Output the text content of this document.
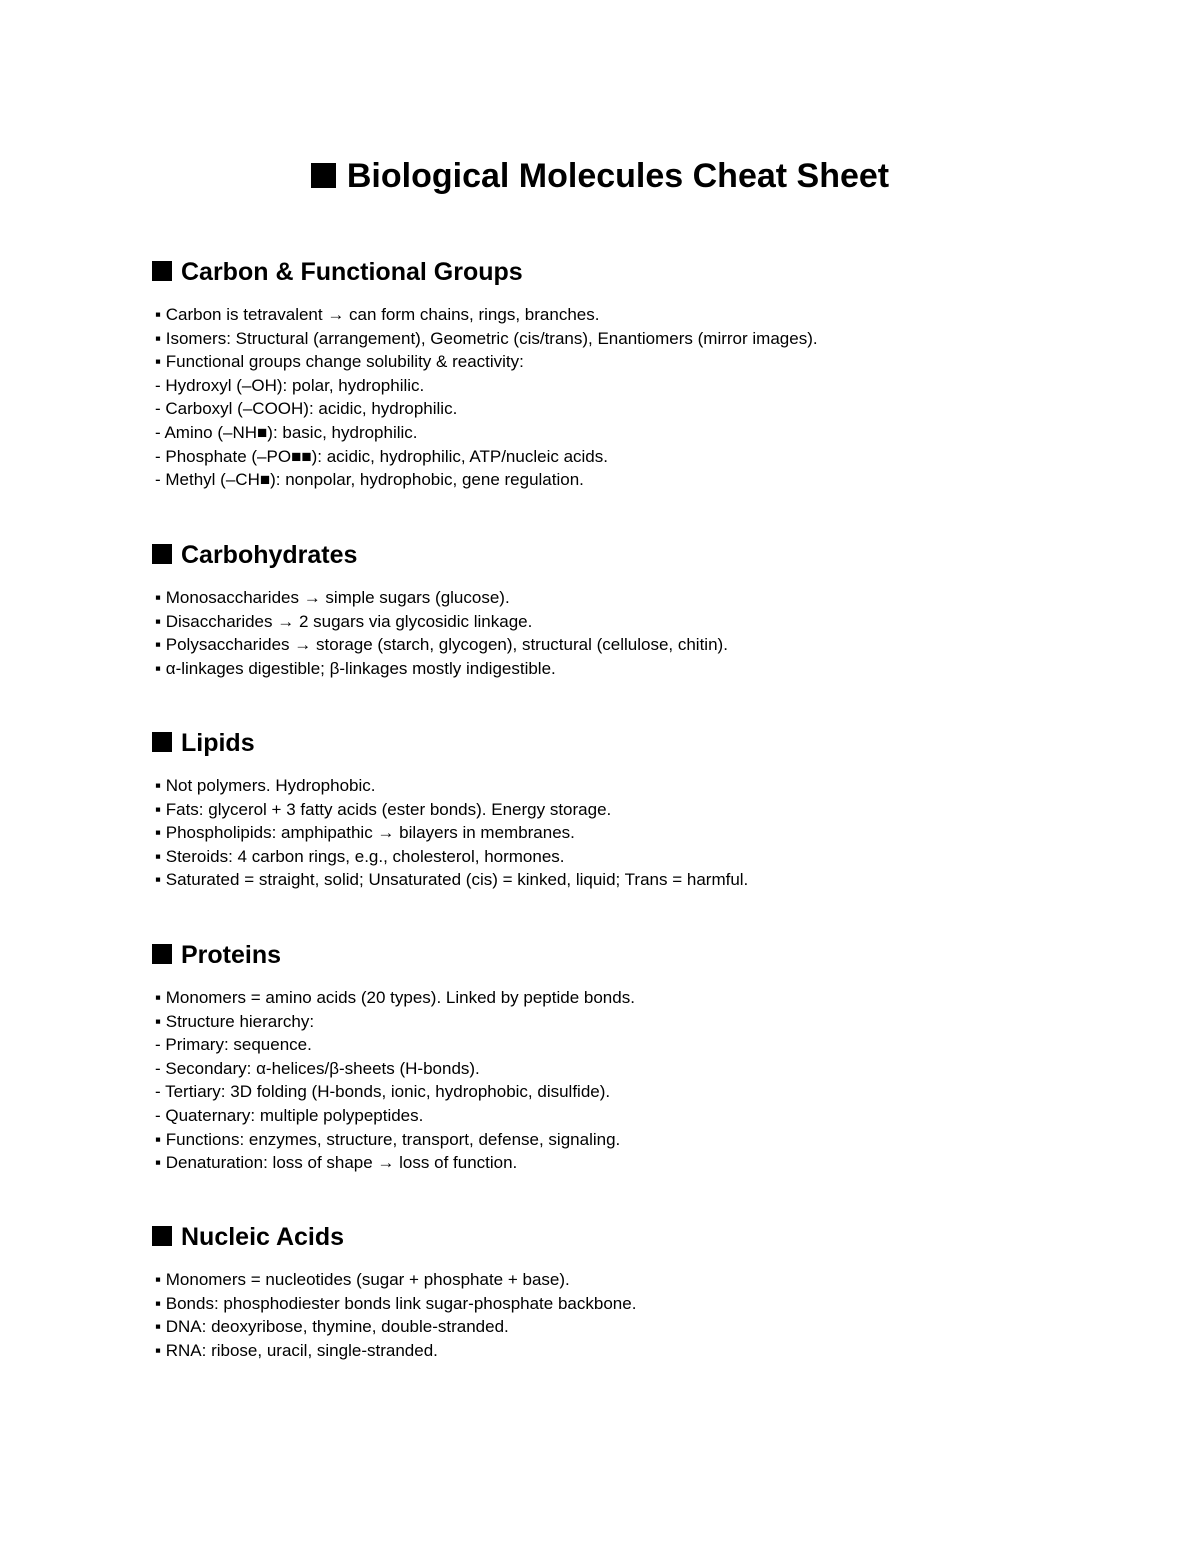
Biological Molecules Cheat Sheet
Carbon & Functional Groups
▪ Carbon is tetravalent → can form chains, rings, branches.
▪ Isomers: Structural (arrangement), Geometric (cis/trans), Enantiomers (mirror images).
▪ Functional groups change solubility & reactivity:
- Hydroxyl (–OH): polar, hydrophilic.
- Carboxyl (–COOH): acidic, hydrophilic.
- Amino (–NH■): basic, hydrophilic.
- Phosphate (–PO■■): acidic, hydrophilic, ATP/nucleic acids.
- Methyl (–CH■): nonpolar, hydrophobic, gene regulation.
Carbohydrates
▪ Monosaccharides → simple sugars (glucose).
▪ Disaccharides → 2 sugars via glycosidic linkage.
▪ Polysaccharides → storage (starch, glycogen), structural (cellulose, chitin).
▪ α-linkages digestible; β-linkages mostly indigestible.
Lipids
▪ Not polymers. Hydrophobic.
▪ Fats: glycerol + 3 fatty acids (ester bonds). Energy storage.
▪ Phospholipids: amphipathic → bilayers in membranes.
▪ Steroids: 4 carbon rings, e.g., cholesterol, hormones.
▪ Saturated = straight, solid; Unsaturated (cis) = kinked, liquid; Trans = harmful.
Proteins
▪ Monomers = amino acids (20 types). Linked by peptide bonds.
▪ Structure hierarchy:
- Primary: sequence.
- Secondary: α-helices/β-sheets (H-bonds).
- Tertiary: 3D folding (H-bonds, ionic, hydrophobic, disulfide).
- Quaternary: multiple polypeptides.
▪ Functions: enzymes, structure, transport, defense, signaling.
▪ Denaturation: loss of shape → loss of function.
Nucleic Acids
▪ Monomers = nucleotides (sugar + phosphate + base).
▪ Bonds: phosphodiester bonds link sugar-phosphate backbone.
▪ DNA: deoxyribose, thymine, double-stranded.
▪ RNA: ribose, uracil, single-stranded.
